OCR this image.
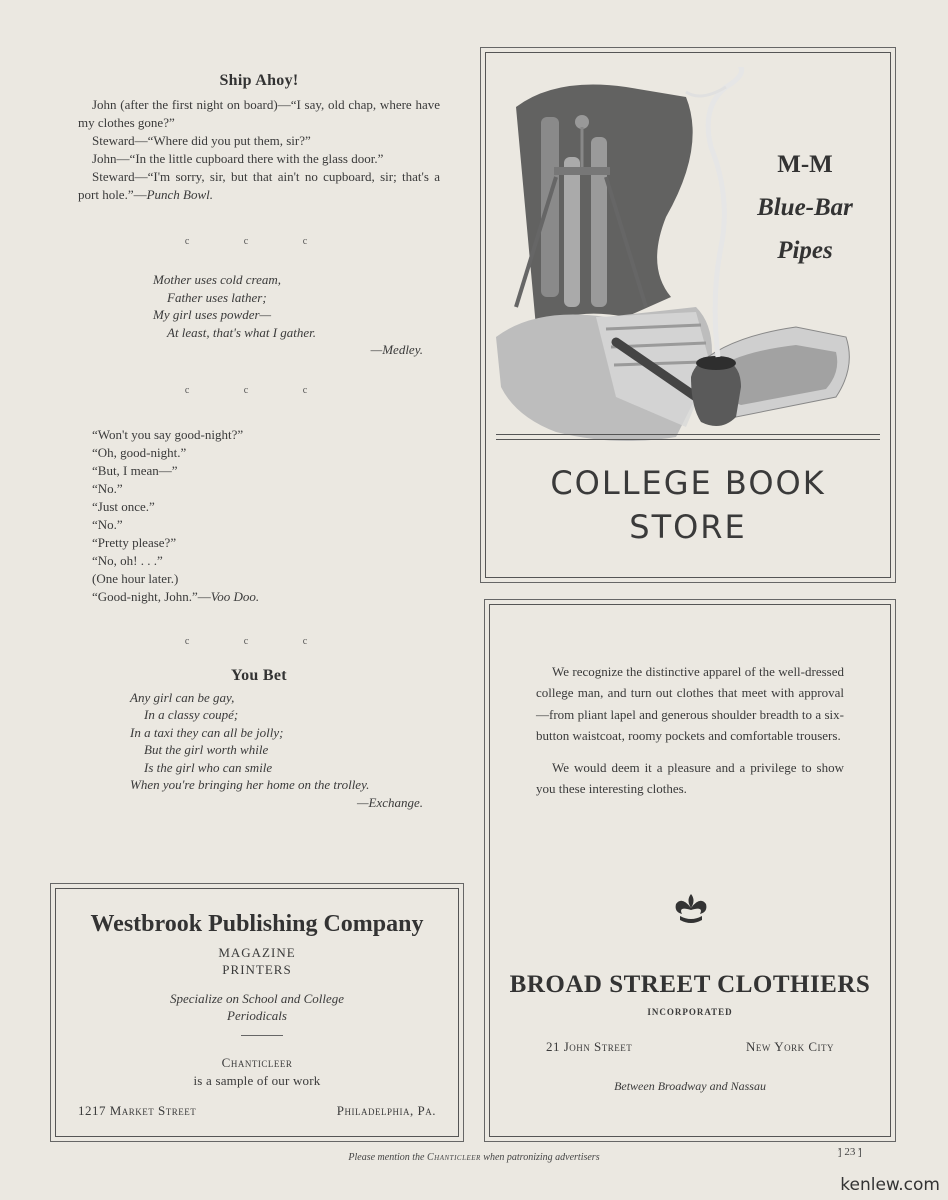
Ship Ahoy!

John (after the first night on board)—“I say, old chap, where have my clothes gone?”

Steward—“Where did you put them, sir?”

John—“In the little cupboard there with the glass door.”

Steward—“I'm sorry, sir, but that ain't no cupboard, sir; that's a port hole.”—Punch Bowl.

c c c
Mother uses cold cream,
Father uses lather;
My girl uses powder—
At least, that's what I gather.
—Medley.
c c c
“Won't you say good-night?”
“Oh, good-night.”
“But, I mean—”
“No.”
“Just once.”
“No.”
“Pretty please?”
“No, oh! . . .”
(One hour later.)
“Good-night, John.”—Voo Doo.
c c c
You Bet
Any girl can be gay,
In a classy coupé;
In a taxi they can all be jolly;
But the girl worth while
Is the girl who can smile
When you're bringing her home on the trolley.
—Exchange.
Westbrook Publishing Company
MAGAZINE
PRINTERS
Specialize on School and College
Periodicals
Chanticleer
is a sample of our work
1217 Market Street	Philadelphia, Pa.
M-M
Blue-Bar
Pipes
COLLEGE BOOK
STORE

We recognize the distinctive apparel of the well-dressed college man, and turn out clothes that meet with approval—from pliant lapel and generous shoulder breadth to a six-button waistcoat, roomy pockets and comfortable trousers.

We would deem it a pleasure and a privilege to show you these interesting clothes.

BROAD STREET CLOTHIERS
INCORPORATED
21 John Street	New York City
Between Broadway and Nassau
Please mention the Chanticleer when patronizing advertisers	⦐ 23 ⦐
kenlew.com
